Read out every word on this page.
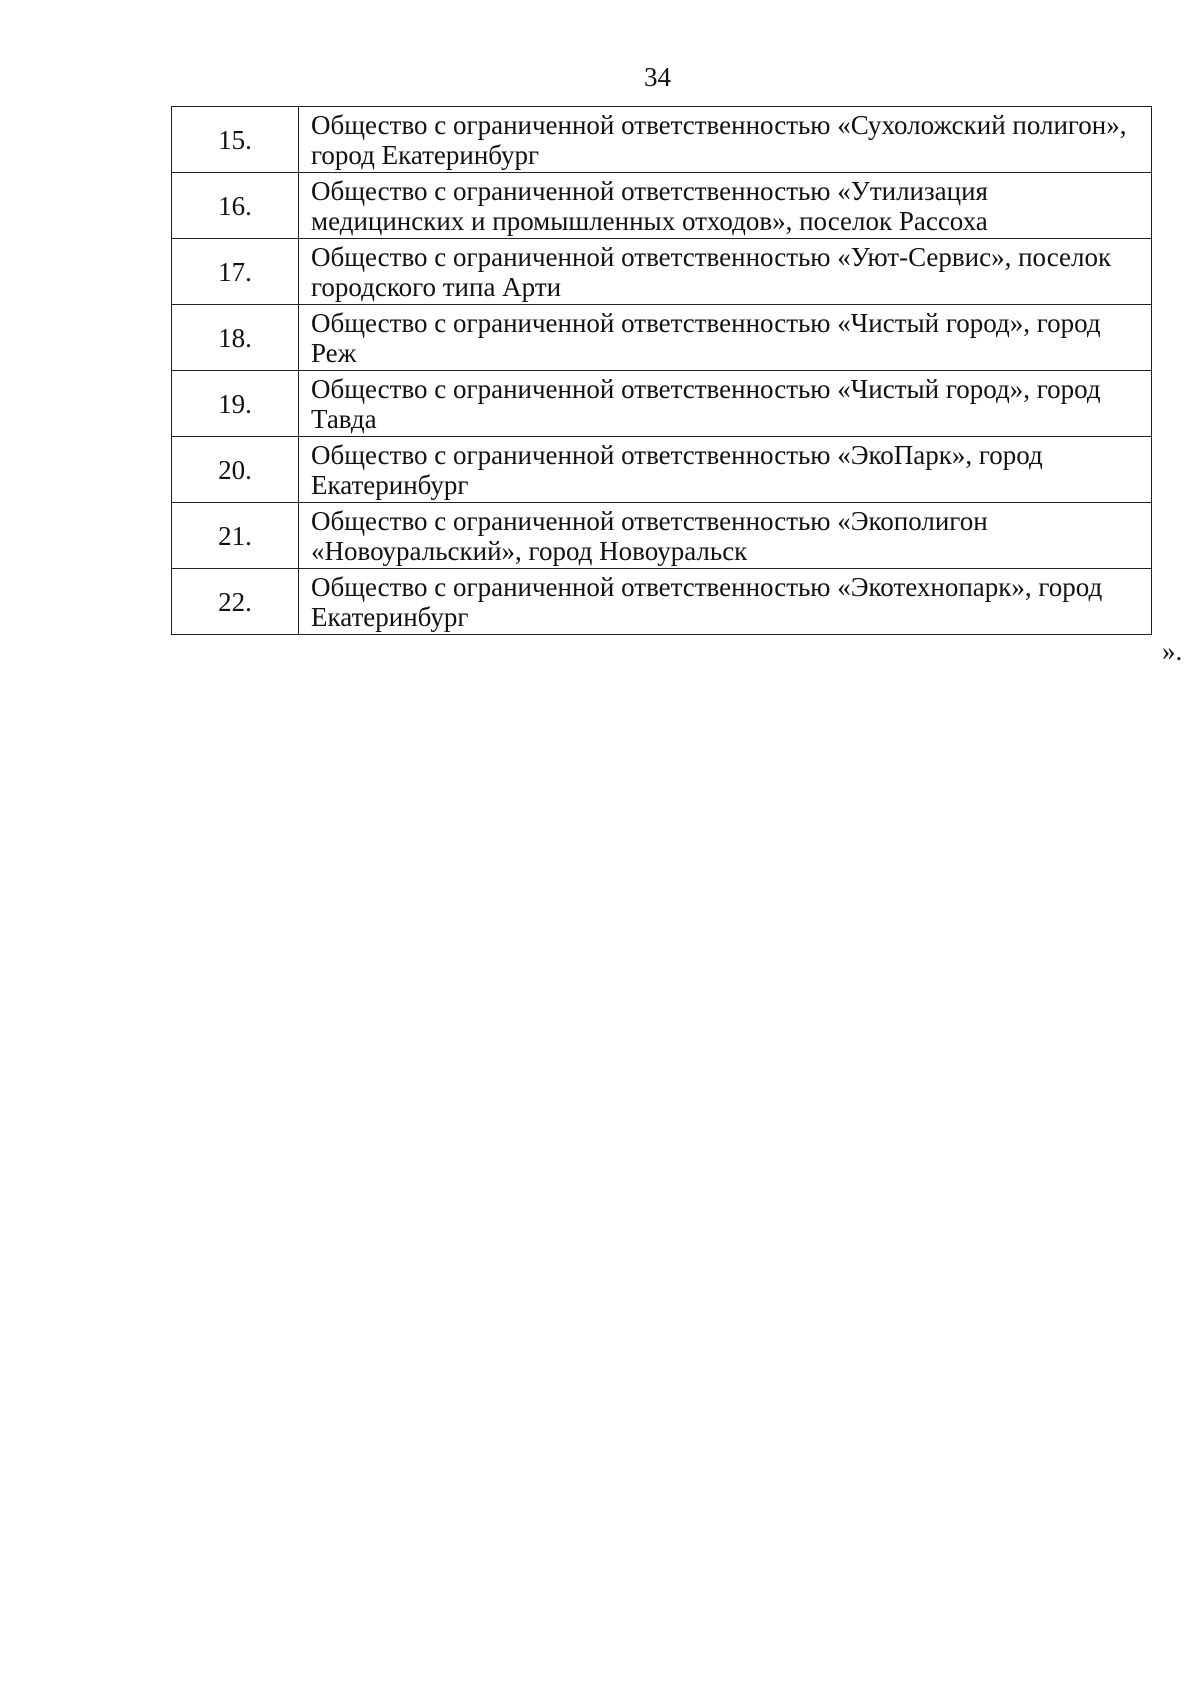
34
15.	Общество с ограниченной ответственностью «Сухоложский полигон», город Екатеринбург
16.	Общество с ограниченной ответственностью «Утилизация медицинских и промышленных отходов», поселок Рассоха
17.	Общество с ограниченной ответственностью «Уют-Сервис», поселок городского типа Арти
18.	Общество с ограниченной ответственностью «Чистый город», город Реж
19.	Общество с ограниченной ответственностью «Чистый город», город Тавда
20.	Общество с ограниченной ответственностью «ЭкоПарк», город Екатеринбург
21.	Общество с ограниченной ответственностью «Экополигон «Новоуральский», город Новоуральск
22.	Общество с ограниченной ответственностью «Экотехнопарк», город Екатеринбург
».
